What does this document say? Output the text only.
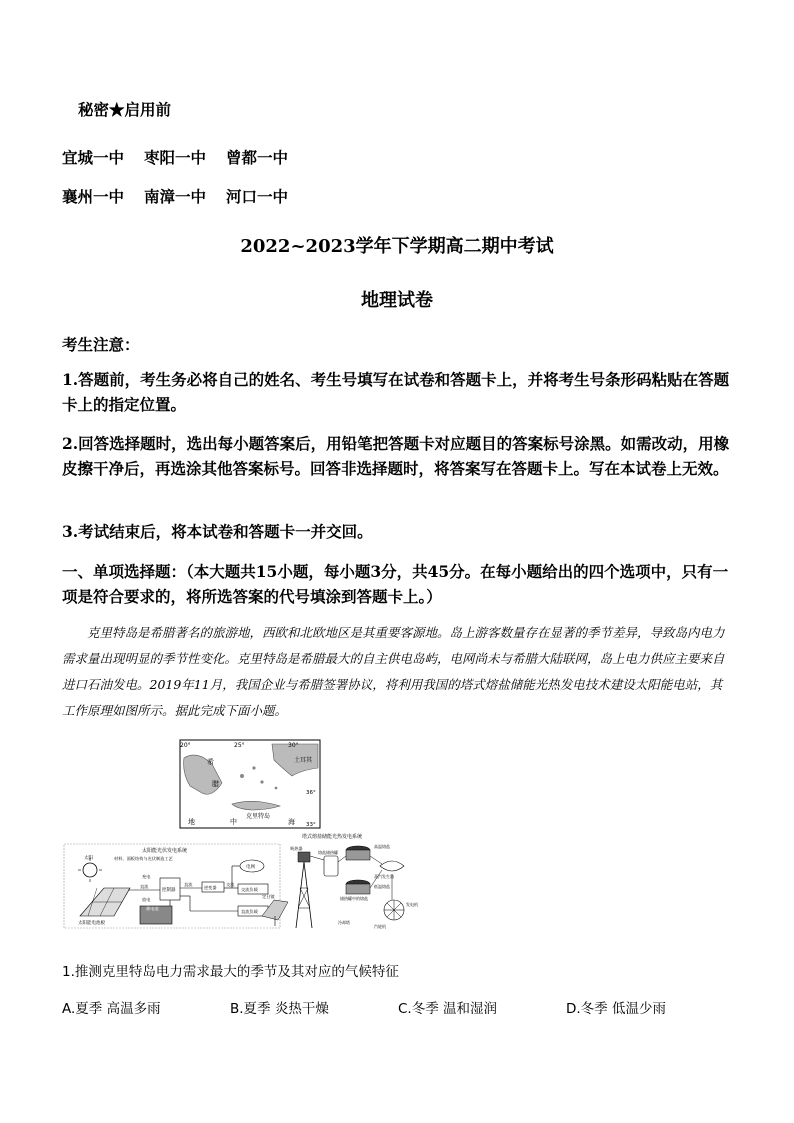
秘密★启用前
宜城一中 枣阳一中 曾都一中
襄州一中 南漳一中 河口一中
2022~2023学年下学期高二期中考试
地理试卷
考生注意：
1.答题前，考生务必将自己的姓名、考生号填写在试卷和答题卡上，并将考生号条形码粘贴在答题卡上的指定位置。
2.回答选择题时，选出每小题答案后，用铅笔把答题卡对应题目的答案标号涂黑。如需改动，用橡皮擦干净后，再选涂其他答案标号。回答非选择题时，将答案写在答题卡上。写在本试卷上无效。
3.考试结束后，将本试卷和答题卡一并交回。
一、单项选择题：（本大题共15小题，每小题3分，共45分。在每小题给出的四个选项中，只有一项是符合要求的，将所选答案的代号填涂到答题卡上。）
克里特岛是希腊著名的旅游地，西欧和北欧地区是其重要客源地。岛上游客数量存在显著的季节差异，导致岛内电力需求量出现明显的季节性变化。克里特岛是希腊最大的自主供电岛屿，电网尚未与希腊大陆联网，岛上电力供应主要来自进口石油发电。2019年11月，我国企业与希腊签署协议，将利用我国的塔式熔盐储能光热发电技术建设太阳能电站，其工作原理如图所示。据此完成下面小题。
20°	25°	30°
36°
33°
希
腊
土耳其
克里特岛
地	中	海
太阳能光伏发电系统
太阳	材料、面板结构与光伏制造工艺
太阳能电池板
控制器
直流
充电
放电
蓄电池
直流
逆变器
交流
电网
交流负载
直流负载
塔式熔盐储能光热发电系统
吸热器
定日镜
熔盐储热罐
高温熔盐
低温熔盐
储热罐中的熔盐
蒸汽发生器
汽轮机
发电机
冷却塔
1.推测克里特岛电力需求最大的季节及其对应的气候特征
A.夏季 高温多雨	B.夏季 炎热干燥	C.冬季 温和湿润	D.冬季 低温少雨
